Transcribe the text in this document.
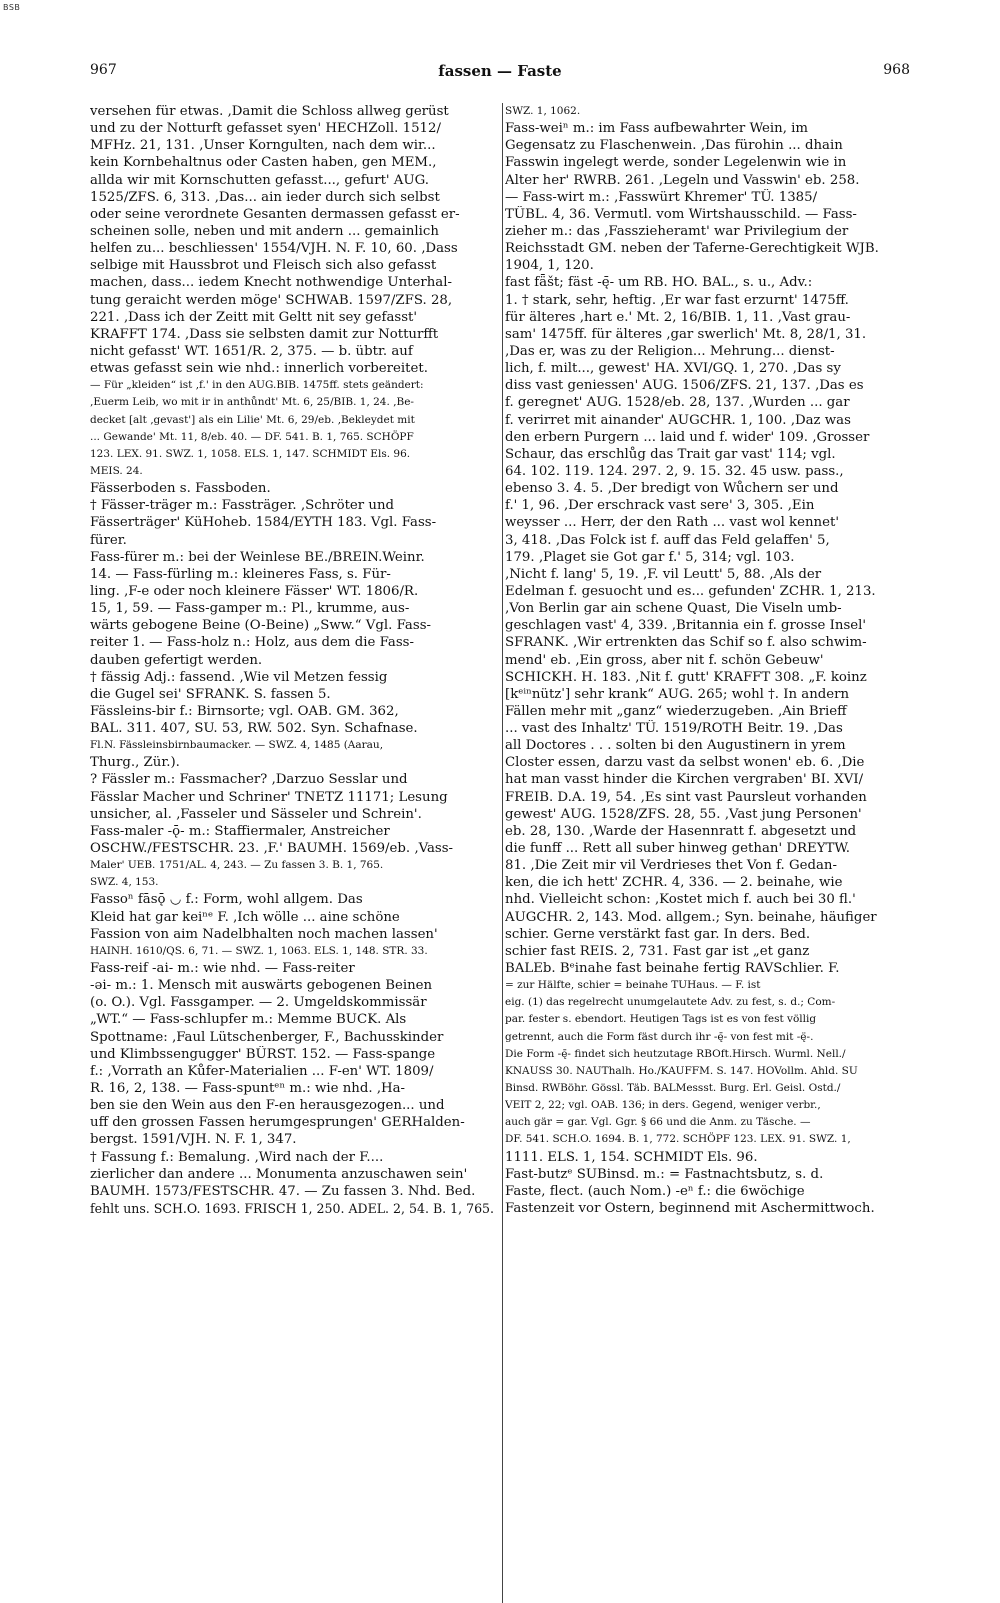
BSB
967	fassen — Faste	968
versehen für etwas. ‚Damit die Schloss allweg gerüst
und zu der Notturft gefasset syen' HECHZoll. 1512/
MFHz. 21, 131. ‚Unser Korngulten, nach dem wir...
kein Kornbehaltnus oder Casten haben, gen MEM.,
allda wir mit Kornschutten gefasst..., gefurt' AUG.
1525/ZFS. 6, 313. ‚Das... ain ieder durch sich selbst
oder seine verordnete Gesanten dermassen gefasst er-
scheinen solle, neben und mit andern ... gemainlich
helfen zu... beschliessen' 1554/VJH. N. F. 10, 60. ‚Dass
selbige mit Haussbrot und Fleisch sich also gefasst
machen, dass... iedem Knecht nothwendige Unterhal-
tung geraicht werden möge' SCHWAB. 1597/ZFS. 28,
221. ‚Dass ich der Zeitt mit Geltt nit sey gefasst'
KRAFFT 174. ‚Dass sie selbsten damit zur Notturfft
nicht gefasst' WT. 1651/R. 2, 375. — b. übtr. auf
etwas gefasst sein wie nhd.: innerlich vorbereitet.
— Für „kleiden“ ist ‚f.' in den AUG.BIB. 1475ff. stets geändert:
‚Euerm Leib, wo mit ir in anthůndt' Mt. 6, 25/BIB. 1, 24. ‚Be-
decket [alt ‚gevast'] als ein Lilie' Mt. 6, 29/eb. ‚Bekleydet mit
... Gewande' Mt. 11, 8/eb. 40. — DF. 541. B. 1, 765. SCHÖPF
123. LEX. 91. SWZ. 1, 1058. ELS. 1, 147. SCHMIDT Els. 96.
MEIS. 24.
Fässerboden s. Fassboden.
† Fässer-träger m.: Fassträger. ‚Schröter und
Fässerträger' KüHoheb. 1584/EYTH 183. Vgl. Fass-
fürer.
Fass-fürer m.: bei der Weinlese BE./BREIN.Weinr.
14. — Fass-fürling m.: kleineres Fass, s. Für-
ling. ‚F-e oder noch kleinere Fässer' WT. 1806/R.
15, 1, 59. — Fass-gamper m.: Pl., krumme, aus-
wärts gebogene Beine (O-Beine) „Sww.“ Vgl. Fass-
reiter 1. — Fass-holz n.: Holz, aus dem die Fass-
dauben gefertigt werden.
† fässig Adj.: fassend. ‚Wie vil Metzen fessig
die Gugel sei' SFRANK. S. fassen 5.
Fässleins-bir f.: Birnsorte; vgl. OAB. GM. 362,
BAL. 311. 407, SU. 53, RW. 502. Syn. Schafnase.
Fl.N. Fässleinsbirnbaumacker. — SWZ. 4, 1485 (Aarau,
Thurg., Zür.).
? Fässler m.: Fassmacher? ‚Darzuo Sesslar und
Fässlar Macher und Schriner' TNETZ 11171; Lesung
unsicher, al. ‚Fasseler und Sässeler und Schrein'.
Fass-maler -ǭ- m.: Staffiermaler, Anstreicher
OSCHW./FESTSCHR. 23. ‚F.' BAUMH. 1569/eb. ‚Vass-
Maler' UEB. 1751/AL. 4, 243. — Zu fassen 3. B. 1, 765.
SWZ. 4, 153.
Fassoⁿ fāsǭ ◡ f.: Form, wohl allgem. Das
Kleid hat gar keiⁿᵉ F. ‚Ich wölle ... aine schöne
Fassion von aim Nadelbhalten noch machen lassen'
HAINH. 1610/QS. 6, 71. — SWZ. 1, 1063. ELS. 1, 148. STR. 33.
Fass-reif -ai- m.: wie nhd. — Fass-reiter
-əi- m.: 1. Mensch mit auswärts gebogenen Beinen
(o. O.). Vgl. Fassgamper. — 2. Umgeldskommissär
„WT.“ — Fass-schlupfer m.: Memme BUCK. Als
Spottname: ‚Faul Lütschenberger, F., Bachusskinder
und Klimbssengugger' BÜRST. 152. — Fass-spange
f.: ‚Vorrath an Kůfer-Materialien ... F-en' WT. 1809/
R. 16, 2, 138. — Fass-spuntᵉⁿ m.: wie nhd. ‚Ha-
ben sie den Wein aus den F-en herausgezogen... und
uff den grossen Fassen herumgesprungen' GERHalden-
bergst. 1591/VJH. N. F. 1, 347.
† Fassung f.: Bemalung. ‚Wird nach der F....
zierlicher dan andere ... Monumenta anzuschawen sein'
BAUMH. 1573/FESTSCHR. 47. — Zu fassen 3. Nhd. Bed.
fehlt uns. SCH.O. 1693. FRISCH 1, 250. ADEL. 2, 54. B. 1, 765.
SWZ. 1, 1062.
Fass-weiⁿ m.: im Fass aufbewahrter Wein, im
Gegensatz zu Flaschenwein. ‚Das fürohin ... dhain
Fasswin ingelegt werde, sonder Legelenwin wie in
Alter her' RWRB. 261. ‚Legeln und Vasswin' eb. 258.
— Fass-wirt m.: ‚Fasswürt Khremer' TÜ. 1385/
TÜBL. 4, 36. Vermutl. vom Wirtshausschild. — Fass-
zieher m.: das ‚Fasszieheramt' war Privilegium der
Reichsstadt GM. neben der Taferne-Gerechtigkeit WJB.
1904, 1, 120.
fast fǟšt; fäst -ę̄- um RB. HO. BAL., s. u., Adv.:
1. † stark, sehr, heftig. ‚Er war fast erzurnt' 1475ff.
für älteres ‚hart e.' Mt. 2, 16/BIB. 1, 11. ‚Vast grau-
sam' 1475ff. für älteres ‚gar swerlich' Mt. 8, 28/1, 31.
‚Das er, was zu der Religion... Mehrung... dienst-
lich, f. milt..., gewest' HA. XVI/GQ. 1, 270. ‚Das sy
diss vast geniessen' AUG. 1506/ZFS. 21, 137. ‚Das es
f. geregnet' AUG. 1528/eb. 28, 137. ‚Wurden ... gar
f. verirret mit ainander' AUGCHR. 1, 100. ‚Daz was
den erbern Purgern ... laid und f. wider' 109. ‚Grosser
Schaur, das erschlůg das Trait gar vast' 114; vgl.
64. 102. 119. 124. 297. 2, 9. 15. 32. 45 usw. pass.,
ebenso 3. 4. 5. ‚Der bredigt von Wůchern ser und
f.' 1, 96. ‚Der erschrack vast sere' 3, 305. ‚Ein
weysser ... Herr, der den Rath ... vast wol kennet'
3, 418. ‚Das Folck ist f. auff das Feld gelaffen' 5,
179. ‚Plaget sie Got gar f.' 5, 314; vgl. 103.
‚Nicht f. lang' 5, 19. ‚F. vil Leutt' 5, 88. ‚Als der
Edelman f. gesuocht und es... gefunden' ZCHR. 1, 213.
‚Von Berlin gar ain schene Quast, Die Viseln umb-
geschlagen vast' 4, 339. ‚Britannia ein f. grosse Insel'
SFRANK. ‚Wir ertrenkten das Schif so f. also schwim-
mend' eb. ‚Ein gross, aber nit f. schön Gebeuw'
SCHICKH. H. 183. ‚Nit f. gutt' KRAFFT 308. „F. koinz
[kᵉⁱⁿnützˈ] sehr krank“ AUG. 265; wohl †. In andern
Fällen mehr mit „ganz“ wiederzugeben. ‚Ain Brieff
... vast des Inhaltz' TÜ. 1519/ROTH Beitr. 19. ‚Das
all Doctores . . . solten bi den Augustinern in yrem
Closter essen, darzu vast da selbst wonen' eb. 6. ‚Die
hat man vasst hinder die Kirchen vergraben' BI. XVI/
FREIB. D.A. 19, 54. ‚Es sint vast Paursleut vorhanden
gewest' AUG. 1528/ZFS. 28, 55. ‚Vast jung Personen'
eb. 28, 130. ‚Warde der Hasennratt f. abgesetzt und
die funff ... Rett all suber hinweg gethan' DREYTW.
81. ‚Die Zeit mir vil Verdrieses thet Von f. Gedan-
ken, die ich hett' ZCHR. 4, 336. — 2. beinahe, wie
nhd. Vielleicht schon: ‚Kostet mich f. auch bei 30 fl.'
AUGCHR. 2, 143. Mod. allgem.; Syn. beinahe, häufiger
schier. Gerne verstärkt fast gar. In ders. Bed.
schier fast REIS. 2, 731. Fast gar ist „et ganz
BALEb. Bᵉinahe fast beinahe fertig RAVSchlier. F.
= zur Hälfte, schier = beinahe TUHaus. — F. ist
eig. (1) das regelrecht unumgelautete Adv. zu fest, s. d.; Com-
par. fester s. ebendort. Heutigen Tags ist es von fest völlig
getrennt, auch die Form fäst durch ihr -ę̄- von fest mit -ę̈-.
Die Form -ę̄- findet sich heutzutage RBOft.Hirsch. Wurml. Nell./
KNAUSS 30. NAUThalh. Ho./KAUFFM. S. 147. HOVollm. Ahld. SU
Binsd. RWBöhr. Gössl. Täb. BALMessst. Burg. Erl. Geisl. Ostd./
VEIT 2, 22; vgl. OAB. 136; in ders. Gegend, weniger verbr.,
auch gär = gar. Vgl. Ggr. § 66 und die Anm. zu Täsche. —
DF. 541. SCH.O. 1694. B. 1, 772. SCHÖPF 123. LEX. 91. SWZ. 1,
1111. ELS. 1, 154. SCHMIDT Els. 96.
Fast-butzᵉ SUBinsd. m.: = Fastnachtsbutz, s. d.
Faste, flect. (auch Nom.) -eⁿ f.: die 6wöchige
Fastenzeit vor Ostern, beginnend mit Aschermittwoch.
